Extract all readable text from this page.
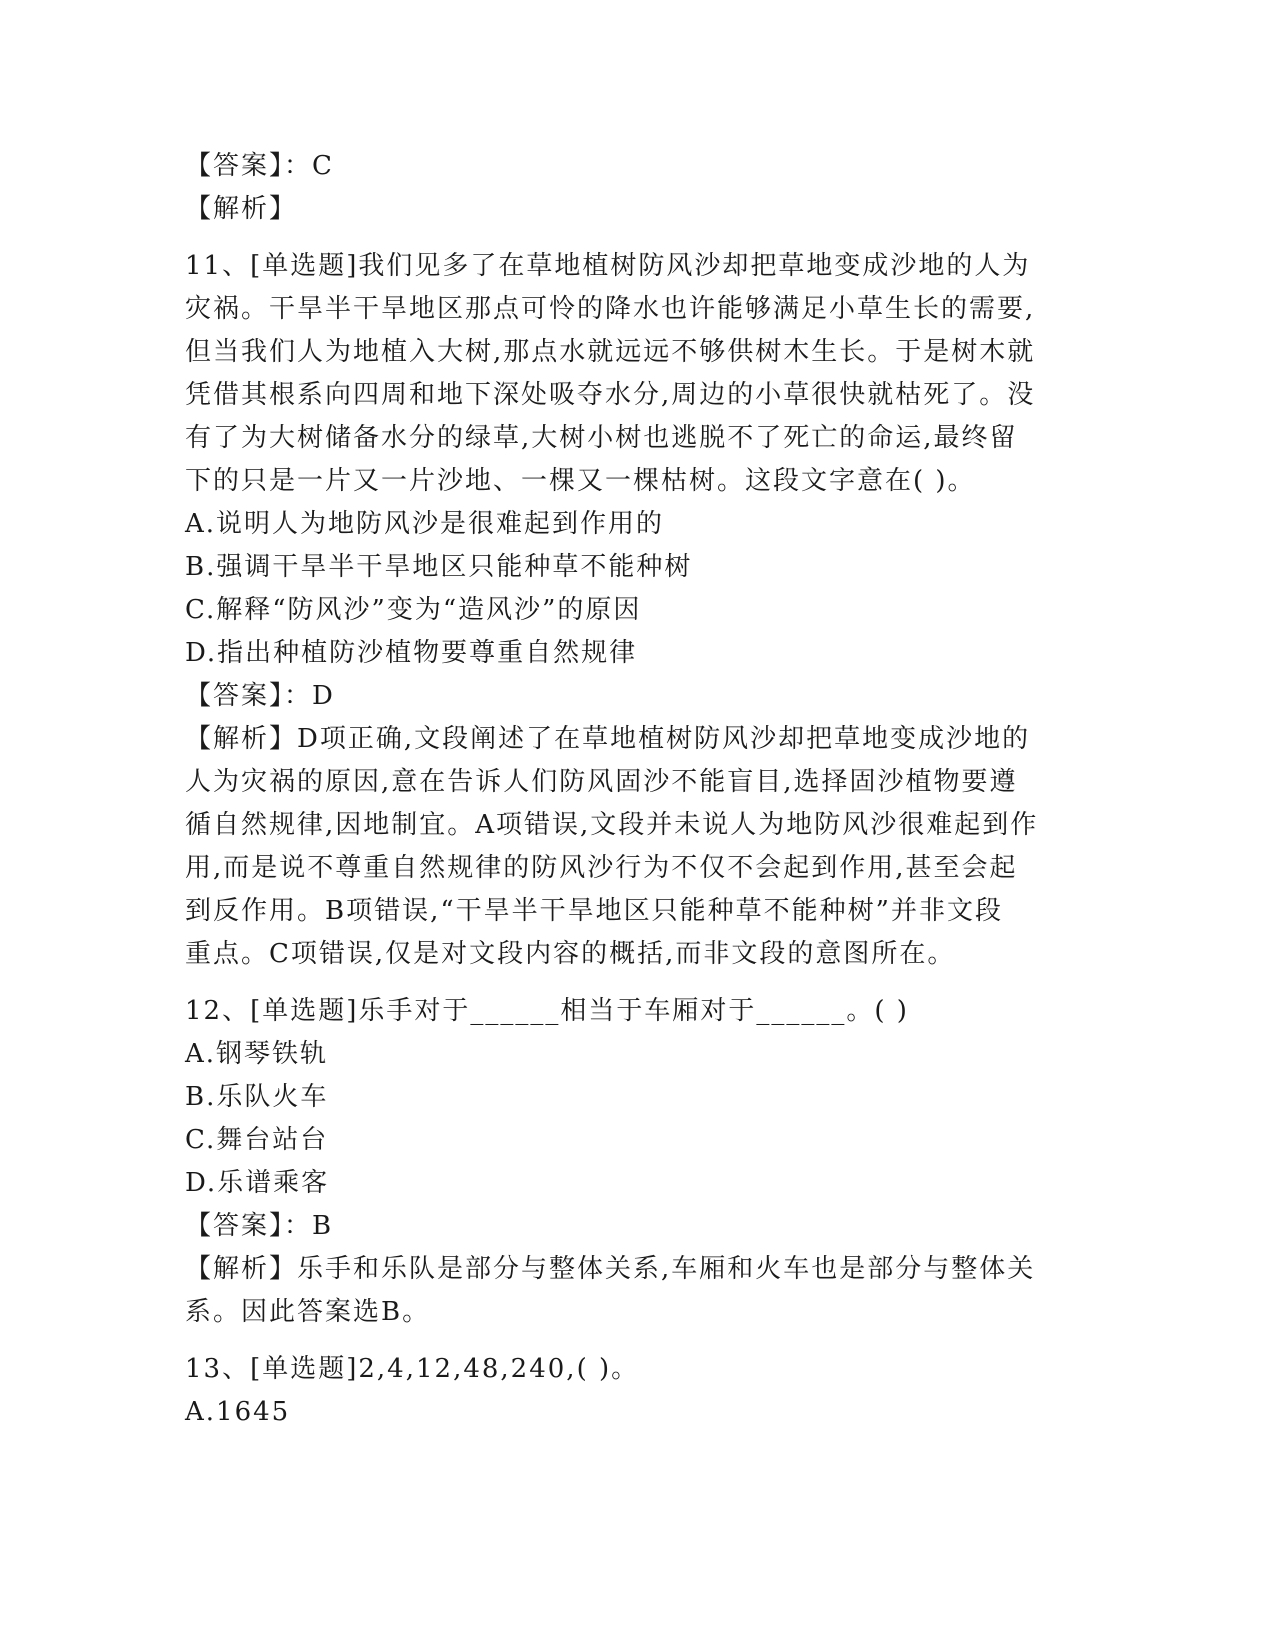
【答案】：C
【解析】
11、[单选题]我们见多了在草地植树防风沙却把草地变成沙地的人为
灾祸。干旱半干旱地区那点可怜的降水也许能够满足小草生长的需要,
但当我们人为地植入大树,那点水就远远不够供树木生长。于是树木就
凭借其根系向四周和地下深处吸夺水分,周边的小草很快就枯死了。没
有了为大树储备水分的绿草,大树小树也逃脱不了死亡的命运,最终留
下的只是一片又一片沙地、一棵又一棵枯树。这段文字意在( )。
A.说明人为地防风沙是很难起到作用的
B.强调干旱半干旱地区只能种草不能种树
C.解释“防风沙”变为“造风沙”的原因
D.指出种植防沙植物要尊重自然规律
【答案】：D
【解析】D项正确,文段阐述了在草地植树防风沙却把草地变成沙地的
人为灾祸的原因,意在告诉人们防风固沙不能盲目,选择固沙植物要遵
循自然规律,因地制宜。A项错误,文段并未说人为地防风沙很难起到作
用,而是说不尊重自然规律的防风沙行为不仅不会起到作用,甚至会起
到反作用。B项错误,“干旱半干旱地区只能种草不能种树”并非文段
重点。C项错误,仅是对文段内容的概括,而非文段的意图所在。
12、[单选题]乐手对于______相当于车厢对于______。( )
A.钢琴铁轨
B.乐队火车
C.舞台站台
D.乐谱乘客
【答案】：B
【解析】乐手和乐队是部分与整体关系,车厢和火车也是部分与整体关
系。因此答案选B。
13、[单选题]2,4,12,48,240,( )。
A.1645
